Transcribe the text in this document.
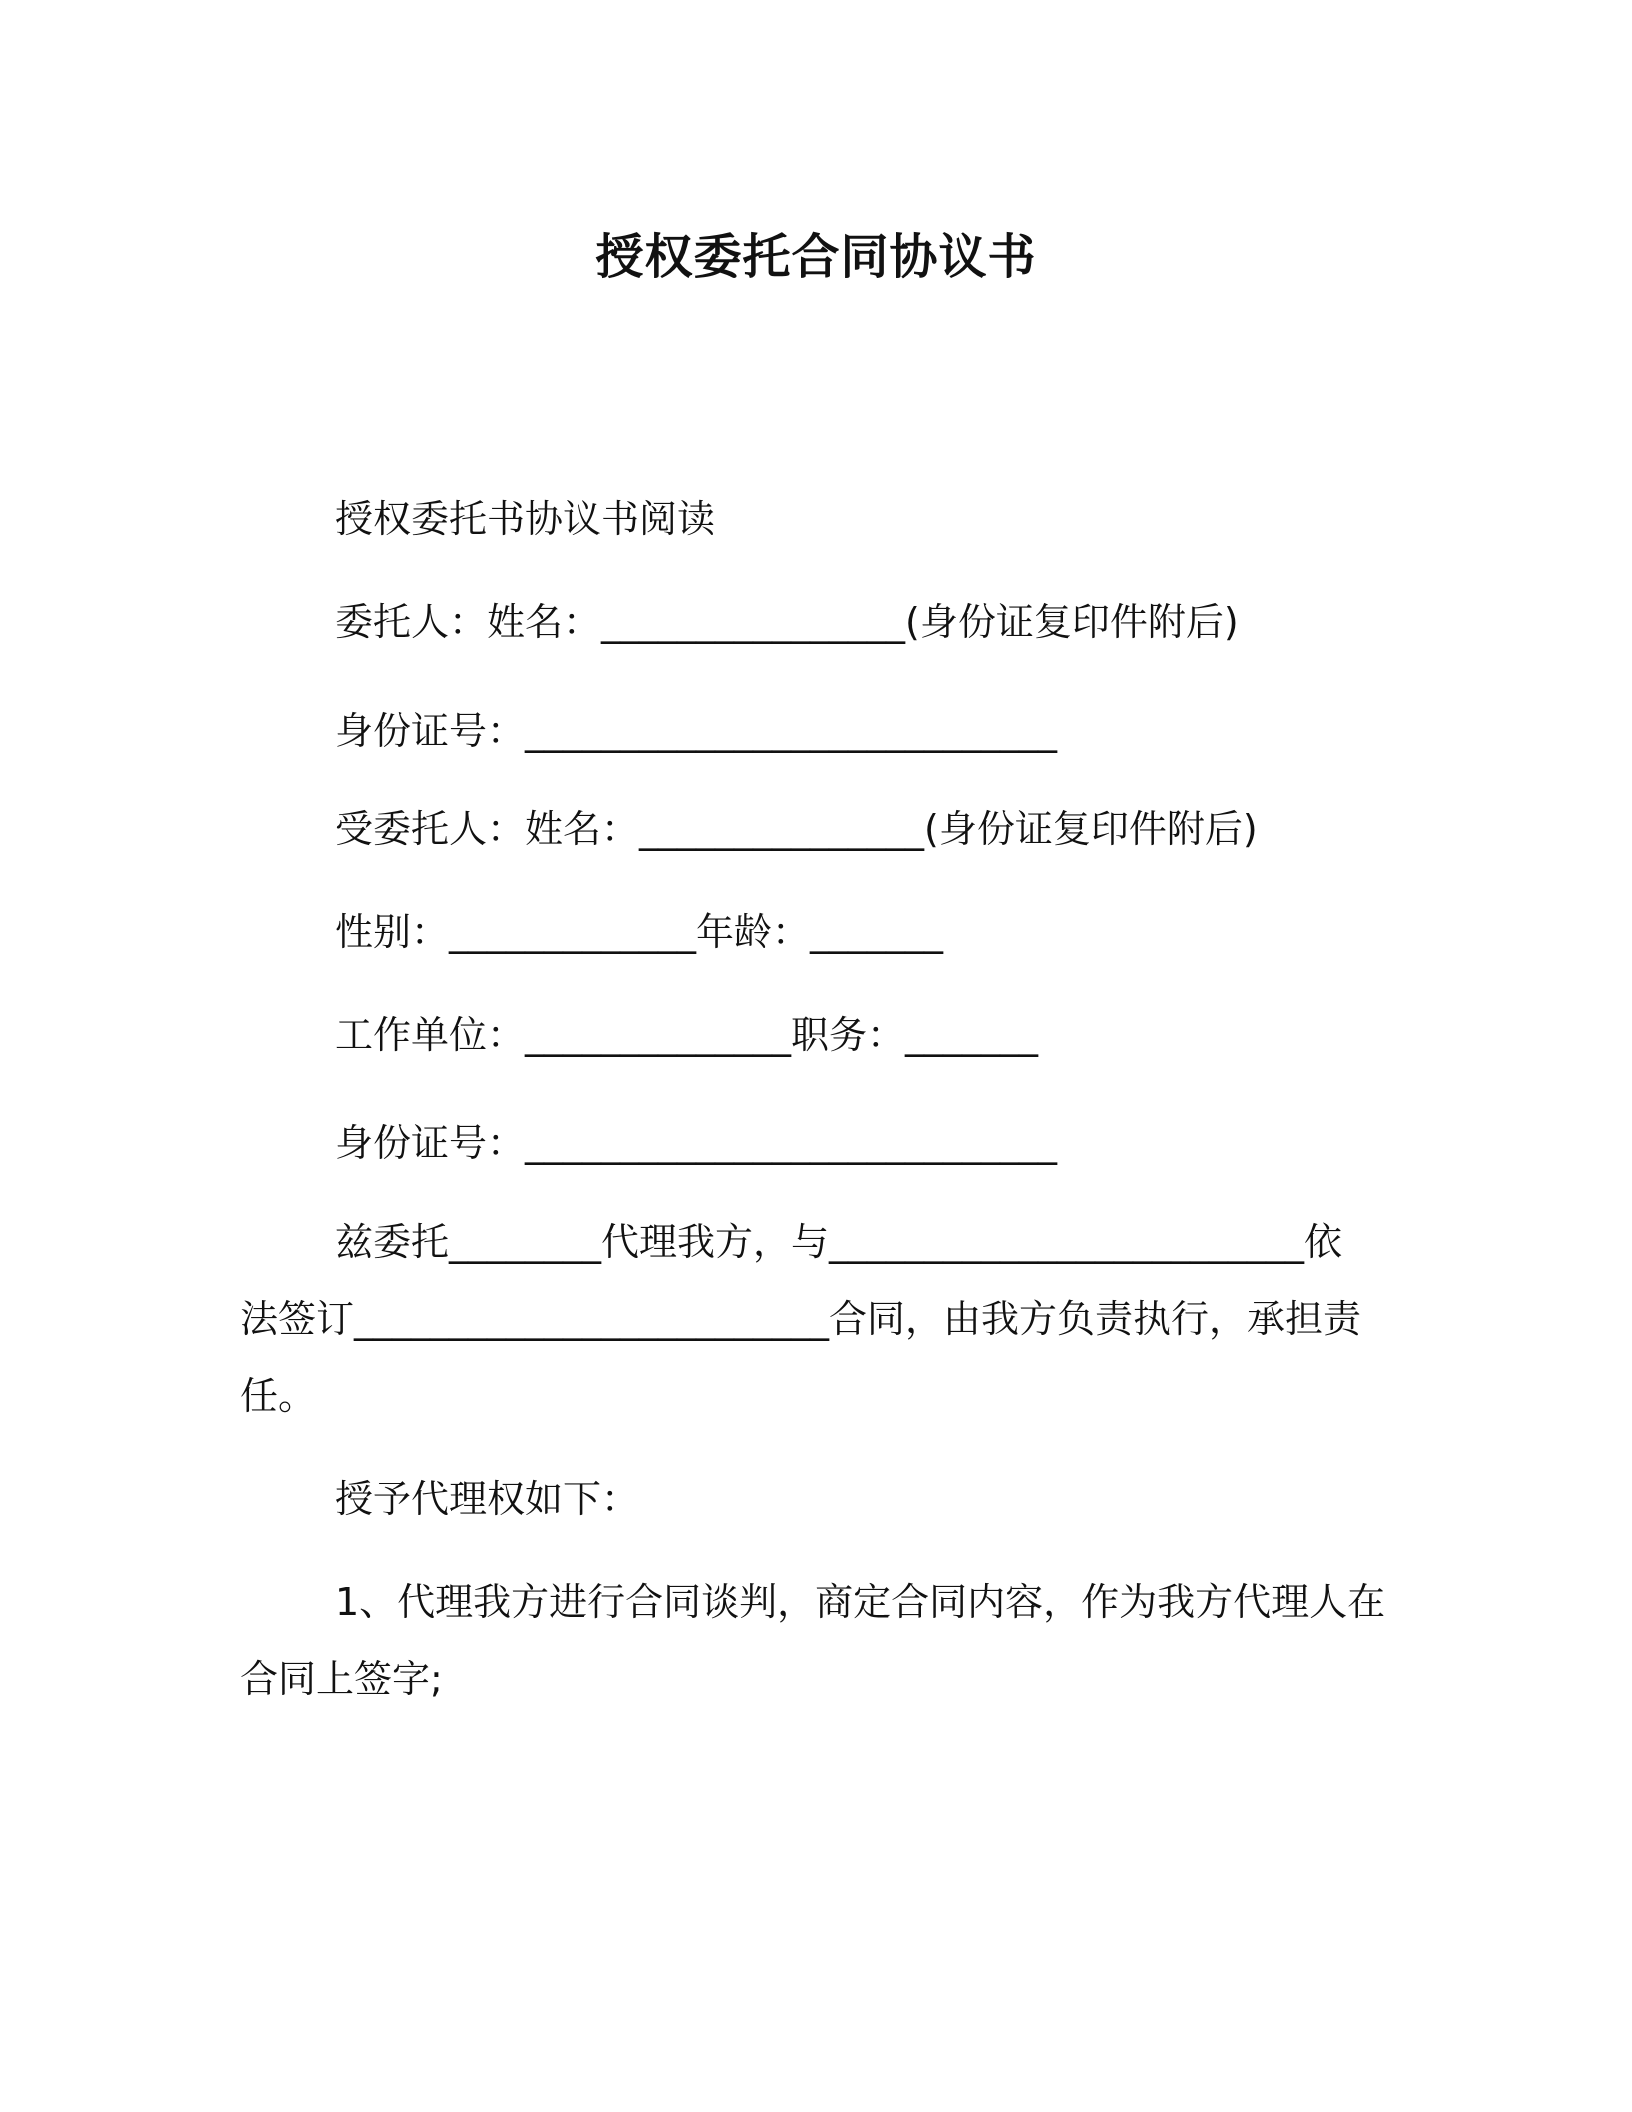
授权委托合同协议书
授权委托书协议书阅读
委托人：姓名：________________(身份证复印件附后)
身份证号：____________________________
受委托人：姓名：_______________(身份证复印件附后)
性别：_____________年龄：_______
工作单位：______________职务：_______
身份证号：____________________________
兹委托________代理我方，与_________________________依
法签订_________________________合同，由我方负责执行，承担责
任。
授予代理权如下：
1、代理我方进行合同谈判，商定合同内容，作为我方代理人在
合同上签字;
